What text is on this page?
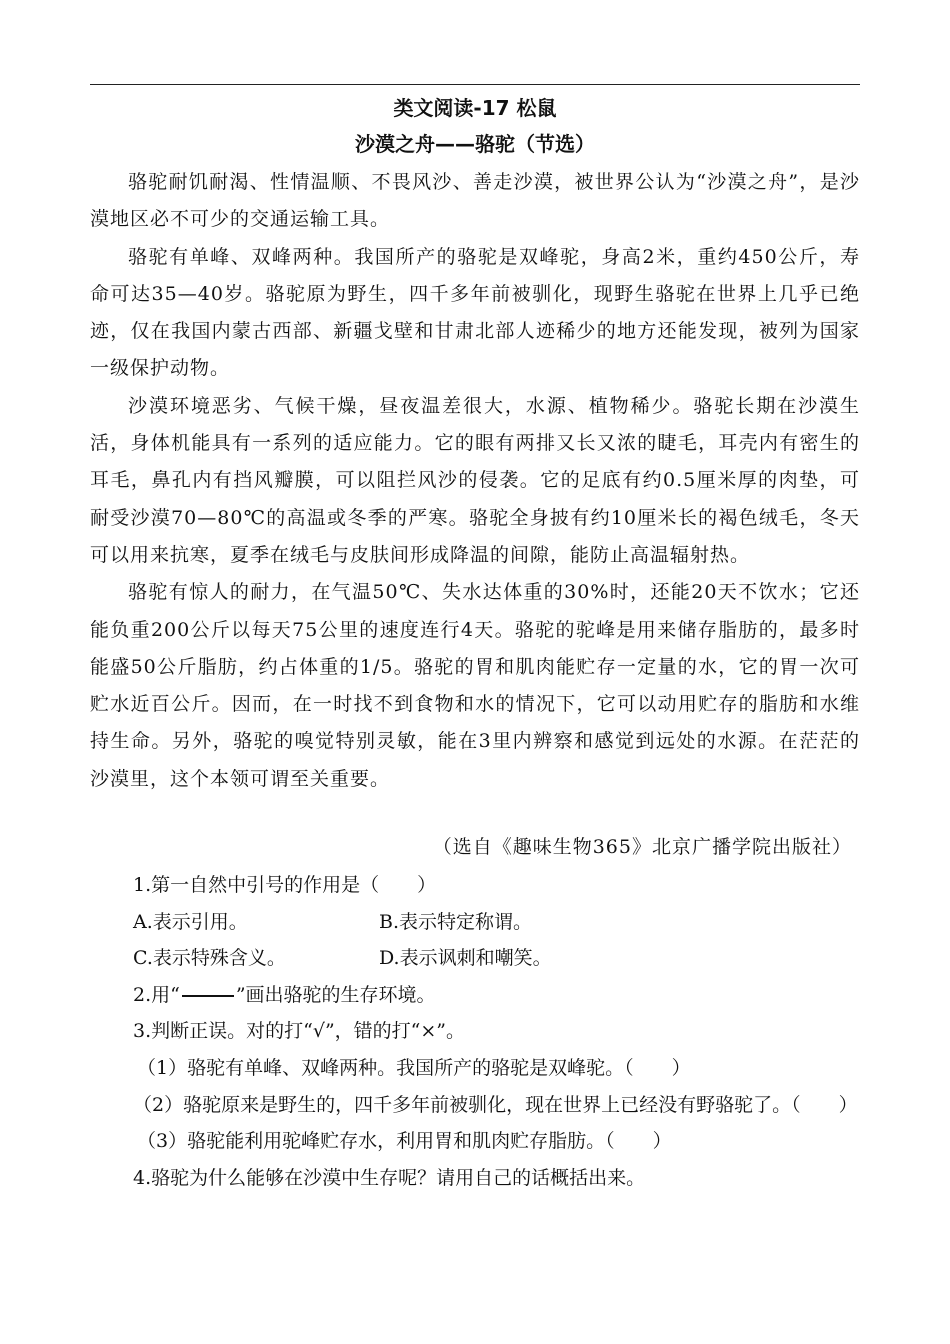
类文阅读-17 松鼠
沙漠之舟——骆驼（节选）

骆驼耐饥耐渴、性情温顺、不畏风沙、善走沙漠，被世界公认为“沙漠之舟”，是沙漠地区必不可少的交通运输工具。

骆驼有单峰、双峰两种。我国所产的骆驼是双峰驼，身高2米，重约450公斤，寿命可达35—40岁。骆驼原为野生，四千多年前被驯化，现野生骆驼在世界上几乎已绝迹，仅在我国内蒙古西部、新疆戈壁和甘肃北部人迹稀少的地方还能发现，被列为国家一级保护动物。

沙漠环境恶劣、气候干燥，昼夜温差很大，水源、植物稀少。骆驼长期在沙漠生活，身体机能具有一系列的适应能力。它的眼有两排又长又浓的睫毛，耳壳内有密生的耳毛，鼻孔内有挡风瓣膜，可以阻拦风沙的侵袭。它的足底有约0.5厘米厚的肉垫，可耐受沙漠70—80℃的高温或冬季的严寒。骆驼全身披有约10厘米长的褐色绒毛，冬天可以用来抗寒，夏季在绒毛与皮肤间形成降温的间隙，能防止高温辐射热。

骆驼有惊人的耐力，在气温50℃、失水达体重的30%时，还能20天不饮水；它还能负重200公斤以每天75公里的速度连行4天。骆驼的驼峰是用来储存脂肪的，最多时能盛50公斤脂肪，约占体重的1/5。骆驼的胃和肌肉能贮存一定量的水，它的胃一次可贮水近百公斤。因而，在一时找不到食物和水的情况下，它可以动用贮存的脂肪和水维持生命。另外，骆驼的嗅觉特别灵敏，能在3里内辨察和感觉到远处的水源。在茫茫的沙漠里，这个本领可谓至关重要。

（选自《趣味生物365》北京广播学院出版社）
1.第一自然中引号的作用是（　　）
A.表示引用。	B.表示特定称谓。
C.表示特殊含义。	D.表示讽刺和嘲笑。
2.用“	”画出骆驼的生存环境。
3.判断正误。对的打“√”，错的打“×”。
（1）骆驼有单峰、双峰两种。我国所产的骆驼是双峰驼。（　　）
（2）骆驼原来是野生的，四千多年前被驯化，现在世界上已经没有野骆驼了。（　　）
（3）骆驼能利用驼峰贮存水，利用胃和肌肉贮存脂肪。（　　）
4.骆驼为什么能够在沙漠中生存呢？请用自己的话概括出来。
